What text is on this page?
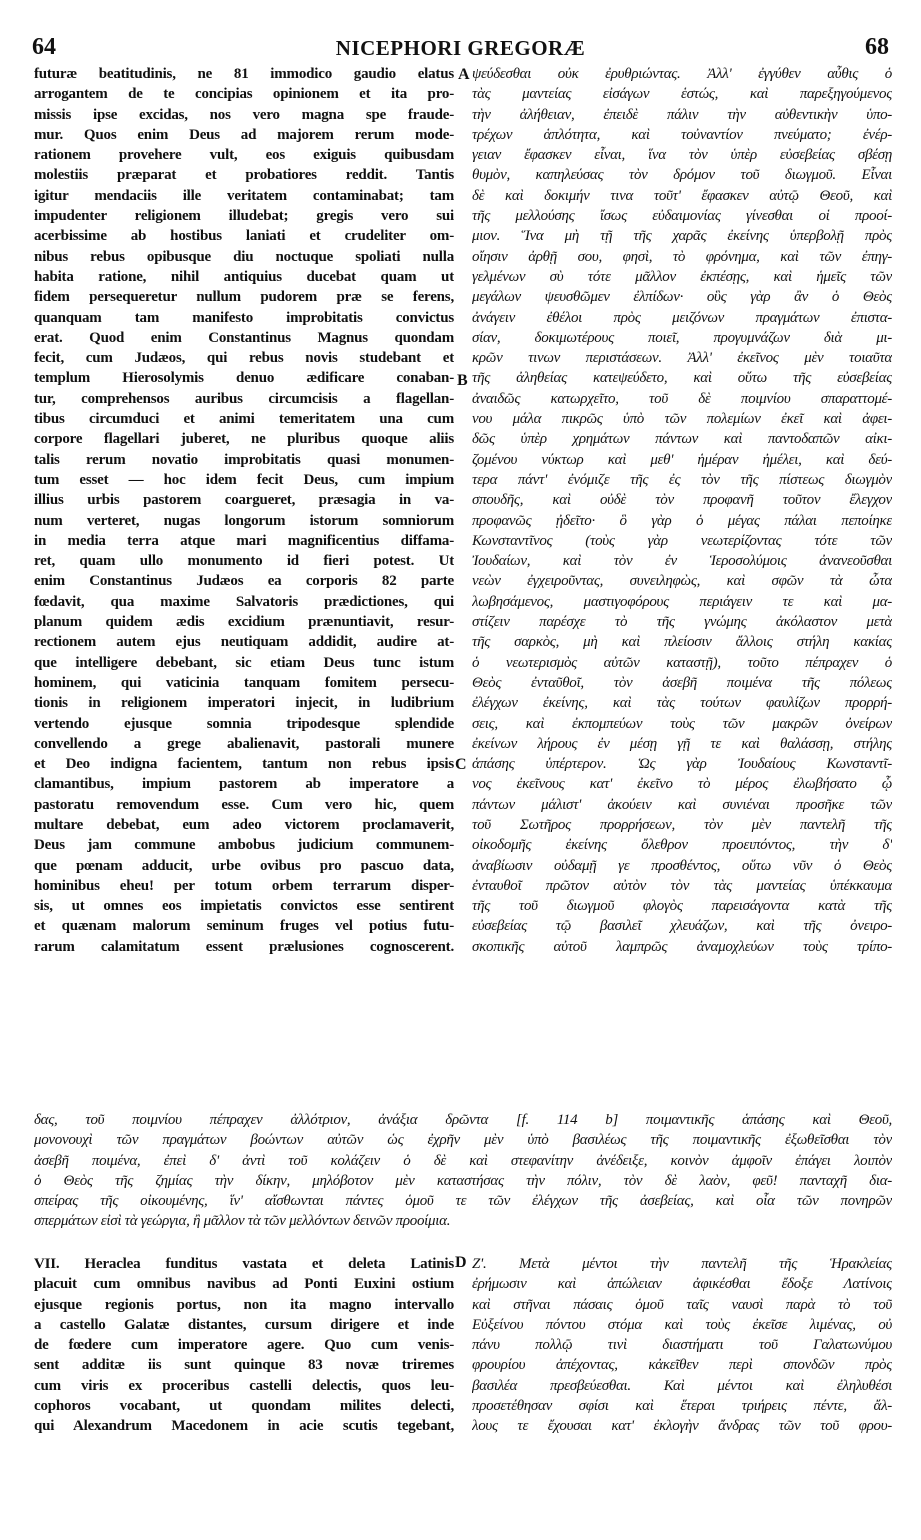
64	NICEPHORI GREGORÆ	68
futuræ beatitudinis, ne 81 immodico gaudio elatus
arrogantem de te concipias opinionem et ita pro-
missis ipse excidas, nos vero magna spe fraude-
mur. Quos enim Deus ad majorem rerum mode-
rationem provehere vult, eos exiguis quibusdam
molestiis præparat et probatiores reddit. Tantis
igitur mendaciis ille veritatem contaminabat; tam
impudenter religionem illudebat; gregis vero sui
acerbissime ab hostibus laniati et crudeliter om-
nibus rebus opibusque diu noctuque spoliati nulla
habita ratione, nihil antiquius ducebat quam ut
fidem persequeretur nullum pudorem præ se ferens,
quanquam tam manifesto improbitatis convictus
erat. Quod enim Constantinus Magnus quondam
fecit, cum Judæos, qui rebus novis studebant et
templum Hierosolymis denuo ædificare conaban-
tur, comprehensos auribus circumcisis a flagellan-
tibus circumduci et animi temeritatem una cum
corpore flagellari juberet, ne pluribus quoque aliis
talis rerum novatio improbitatis quasi monumen-
tum esset — hoc idem fecit Deus, cum impium
illius urbis pastorem coargueret, præsagia in va-
num verteret, nugas longorum istorum somniorum
in media terra atque mari magnificentius diffama-
ret, quam ullo monumento id fieri potest. Ut
enim Constantinus Judæos ea corporis 82 parte
fœdavit, qua maxime Salvatoris prædictiones, qui
planum quidem ædis excidium prænuntiavit, resur-
rectionem autem ejus neutiquam addidit, audire at-
que intelligere debebant, sic etiam Deus tunc istum
hominem, qui vaticinia tanquam fomitem persecu-
tionis in religionem imperatori injecit, in ludibrium
vertendo ejusque somnia tripodesque splendide
convellendo a grege abalienavit, pastorali munere
et Deo indigna facientem, tantum non rebus ipsis
clamantibus, impium pastorem ab imperatore a
pastoratu removendum esse. Cum vero hic, quem
multare debebat, eum adeo victorem proclamaverit,
Deus jam commune ambobus judicium communem-
que pœnam adducit, urbe ovibus pro pascuo data,
hominibus eheu! per totum orbem terrarum disper-
sis, ut omnes eos impietatis convictos esse sentirent
et quænam malorum seminum fruges vel potius futu-
rarum calamitatum essent prælusiones cognoscerent.
ψεύδεσθαι οὐκ ἐρυθριώντας. Ἀλλ' ἐγγύθεν αὖθις ὁ
τὰς μαντείας εἰσάγων ἑστώς, καὶ παρεξηγούμενος
τὴν ἀλήθειαν, ἐπειδὲ πάλιν τὴν αὐθεντικὴν ὑπο-
τρέχων ἁπλότητα, καὶ τοὐναντίον πνεύματο; ἐνέρ-
γειαν ἔφασκεν εἶναι, ἵνα τὸν ὑπὲρ εὐσεβείας σβέσῃ
θυμὸν, καπηλεύσας τὸν δρόμον τοῦ διωγμοῦ. Εἶναι
δὲ καὶ δοκιμήν τινα τοῦτ' ἔφασκεν αὐτῷ Θεοῦ, καὶ
τῆς μελλούσης ἴσως εὐδαιμονίας γίνεσθαι οἱ προοί-
μιον. Ἵνα μὴ τῇ τῆς χαρᾶς ἐκείνης ὑπερβολῇ πρὸς
οἴησιν ἀρθῇ σου, φησὶ, τὸ φρόνημα, καὶ τῶν ἐπηγ-
γελμένων σὺ τότε μᾶλλον ἐκπέσῃς, καὶ ἡμεῖς τῶν
μεγάλων ψευσθῶμεν ἐλπίδων· οὓς γὰρ ἂν ὁ Θεὸς
ἀνάγειν ἐθέλοι πρὸς μειζόνων πραγμάτων ἐπιστα-
σίαν, δοκιμωτέρους ποιεῖ, προγυμνάζων διὰ μι-
κρῶν τινων περιστάσεων. Ἀλλ' ἐκεῖνος μὲν τοιαῦτα
τῆς ἀληθείας κατεψεύδετο, καὶ οὕτω τῆς εὐσεβείας
ἀναιδῶς κατωρχεῖτο, τοῦ δὲ ποιμνίου σπαραττομέ-
νου μάλα πικρῶς ὑπὸ τῶν πολεμίων ἐκεῖ καὶ ἀφει-
δῶς ὑπὲρ χρημάτων πάντων καὶ παντοδαπῶν αἰκι-
ζομένου νύκτωρ καὶ μεθ' ἡμέραν ἠμέλει, καὶ δεύ-
τερα πάντ' ἐνόμιζε τῆς ἐς τὸν τῆς πίστεως διωγμὸν
σπουδῆς, καὶ οὐδὲ τὸν προφανῆ τοῦτον ἔλεγχον
προφανῶς ᾐδεῖτο· ὃ γὰρ ὁ μέγας πάλαι πεποίηκε
Κωνσταντῖνος (τοὺς γὰρ νεωτερίζοντας τότε τῶν
Ἰουδαίων, καὶ τὸν ἐν Ἱεροσολύμοις ἀνανεοῦσθαι
νεὼν ἐγχειροῦντας, συνειληφὼς, καὶ σφῶν τὰ ὦτα
λωβησάμενος, μαστιγοφόρους περιάγειν τε καὶ μα-
στίζειν παρέσχε τὸ τῆς γνώμης ἀκόλαστον μετὰ
τῆς σαρκὸς, μὴ καὶ πλείοσιν ἄλλοις στήλη κακίας
ὁ νεωτερισμὸς αὐτῶν καταστῇ), τοῦτο πέπραχεν ὁ
Θεὸς ἐνταῦθοῖ, τὸν ἀσεβῆ ποιμένα τῆς πόλεως
ἐλέγχων ἐκείνης, καὶ τὰς τούτων φαυλίζων προρρή-
σεις, καὶ ἐκπομπεύων τοὺς τῶν μακρῶν ὀνείρων
ἐκείνων λήρους ἐν μέσῃ γῇ τε καὶ θαλάσσῃ, στήλης
ἁπάσης ὑπέρτερον. Ὡς γὰρ Ἰουδαίους Κωνσταντῖ-
νος ἐκεῖνους κατ' ἐκεῖνο τὸ μέρος ἐλωβήσατο ᾧ
πάντων μάλιστ' ἀκούειν καὶ συνιέναι προσῆκε τῶν
τοῦ Σωτῆρος προρρήσεων, τὸν μὲν παντελῆ τῆς
οἰκοδομῆς ἐκείνης ὄλεθρον προειπόντος, τὴν δ'
ἀναβίωσιν οὐδαμῇ γε προσθέντος, οὕτω νῦν ὁ Θεὸς
ἐνταυθοῖ πρῶτον αὐτὸν τὸν τὰς μαντείας ὑπέκκαυμα
τῆς τοῦ διωγμοῦ φλογὸς παρεισάγοντα κατὰ τῆς
εὐσεβείας τῷ βασιλεῖ χλευάζων, καὶ τῆς ὀνειρο-
σκοπικῆς αὐτοῦ λαμπρῶς ἀναμοχλεύων τοὺς τρίπο-
A
B
C
D
δας, τοῦ ποιμνίου πέπραχεν ἀλλότριον, ἀνάξια δρῶντα [f. 114 b] ποιμαντικῆς ἁπάσης καὶ Θεοῦ,
μονονουχὶ τῶν πραγμάτων βοώντων αὐτῶν ὡς ἐχρῆν μὲν ὑπὸ βασιλέως τῆς ποιμαντικῆς ἐξωθεῖσθαι τὸν
ἀσεβῆ ποιμένα, ἐπεὶ δ' ἀντὶ τοῦ κολάζειν ὁ δὲ καὶ στεφανίτην ἀνέδειξε, κοινὸν ἀμφοῖν ἐπάγει λοιπὸν
ὁ Θεὸς τῆς ζημίας τὴν δίκην, μηλόβοτον μὲν καταστήσας τὴν πόλιν, τὸν δὲ λαὸν, φεῦ! πανταχῆ δια-
σπείρας τῆς οἰκουμένης, ἵν' αἴσθωνται πάντες ὁμοῦ τε τῶν ἐλέγχων τῆς ἀσεβείας, καὶ οἷα τῶν πονηρῶν
σπερμάτων εἰσὶ τὰ γεώργια, ἢ μᾶλλον τὰ τῶν μελλόντων δεινῶν προοίμια.
VII. Heraclea funditus vastata et deleta Latinis
placuit cum omnibus navibus ad Ponti Euxini ostium
ejusque regionis portus, non ita magno intervallo
a castello Galatæ distantes, cursum dirigere et inde
de fœdere cum imperatore agere. Quo cum venis-
sent additæ iis sunt quinque 83 novæ triremes
cum viris ex proceribus castelli delectis, quos leu-
cophoros vocabant, ut quondam milites delecti,
qui Alexandrum Macedonem in acie scutis tegebant,
Ζ'. Μετὰ μέντοι τὴν παντελῆ τῆς Ἡρακλείας
ἐρήμωσιν καὶ ἀπώλειαν ἀφικέσθαι ἔδοξε Λατίνοις
καὶ στῆναι πάσαις ὁμοῦ ταῖς ναυσὶ παρὰ τὸ τοῦ
Εὐξείνου πόντου στόμα καὶ τοὺς ἐκεῖσε λιμένας, οὐ
πάνυ πολλῷ τινὶ διαστήματι τοῦ Γαλατωνύμου
φρουρίου ἀπέχοντας, κἀκεῖθεν περὶ σπονδῶν πρὸς
βασιλέα πρεσβεύεσθαι. Καὶ μέντοι καὶ ἐληλυθέσι
προσετέθησαν σφίσι καὶ ἕτεραι τριήρεις πέντε, ἄλ-
λους τε ἔχουσαι κατ' ἐκλογὴν ἄνδρας τῶν τοῦ φρου-
